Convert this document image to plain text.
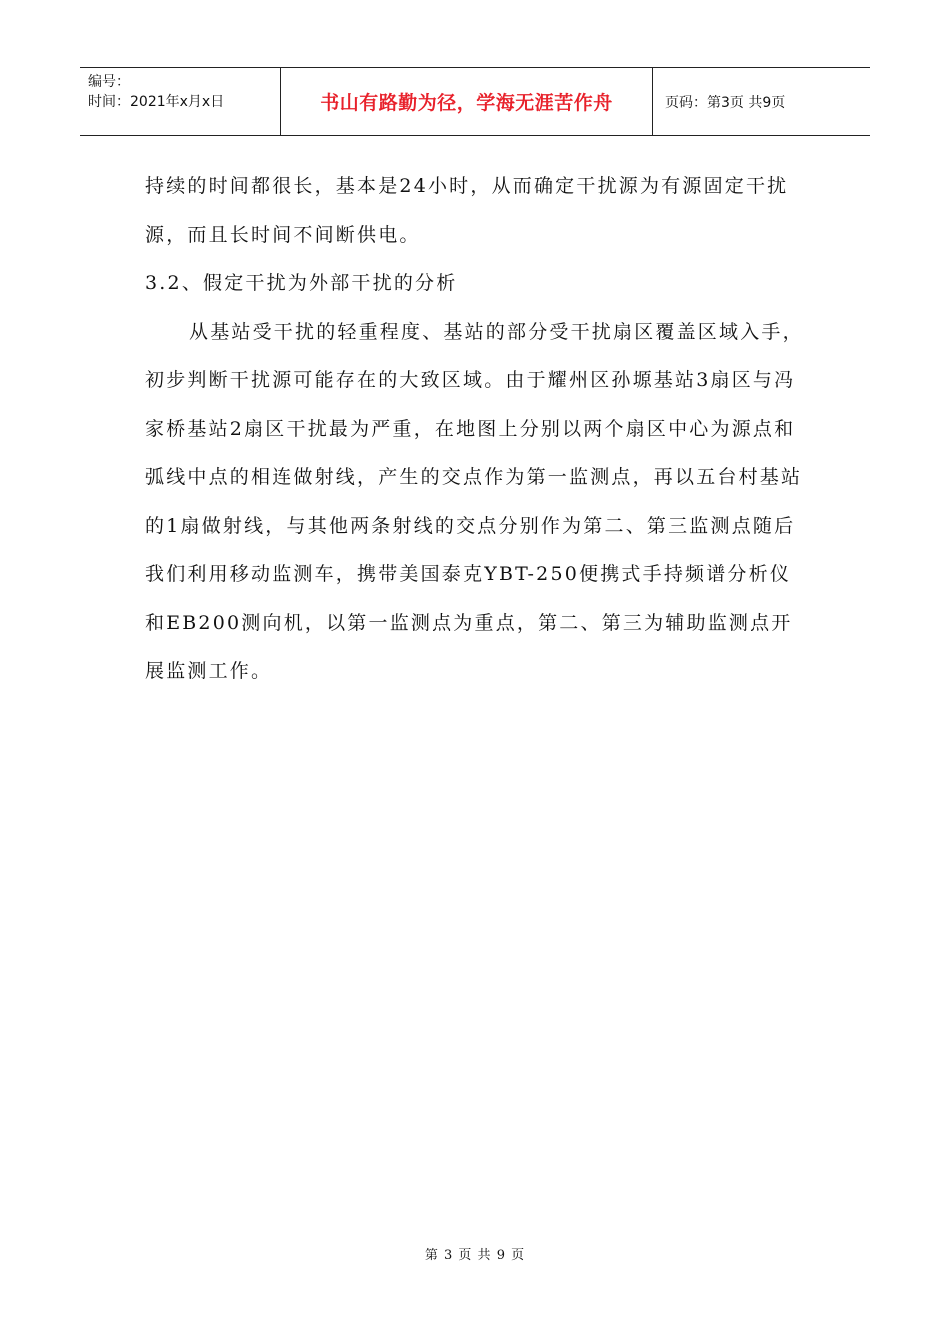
编号：
时间：2021年x月x日	书山有路勤为径，学海无涯苦作舟	页码：第3页 共9页

持续的时间都很长，基本是24小时，从而确定干扰源为有源固定干扰源，而且长时间不间断供电。

3.2、假定干扰为外部干扰的分析

从基站受干扰的轻重程度、基站的部分受干扰扇区覆盖区域入手，初步判断干扰源可能存在的大致区域。由于耀州区孙塬基站3扇区与冯家桥基站2扇区干扰最为严重，在地图上分别以两个扇区中心为源点和弧线中点的相连做射线，产生的交点作为第一监测点，再以五台村基站的1扇做射线，与其他两条射线的交点分别作为第二、第三监测点随后我们利用移动监测车，携带美国泰克YBT-250便携式手持频谱分析仪和EB200测向机，以第一监测点为重点，第二、第三为辅助监测点开展监测工作。

第 3 页 共 9 页
